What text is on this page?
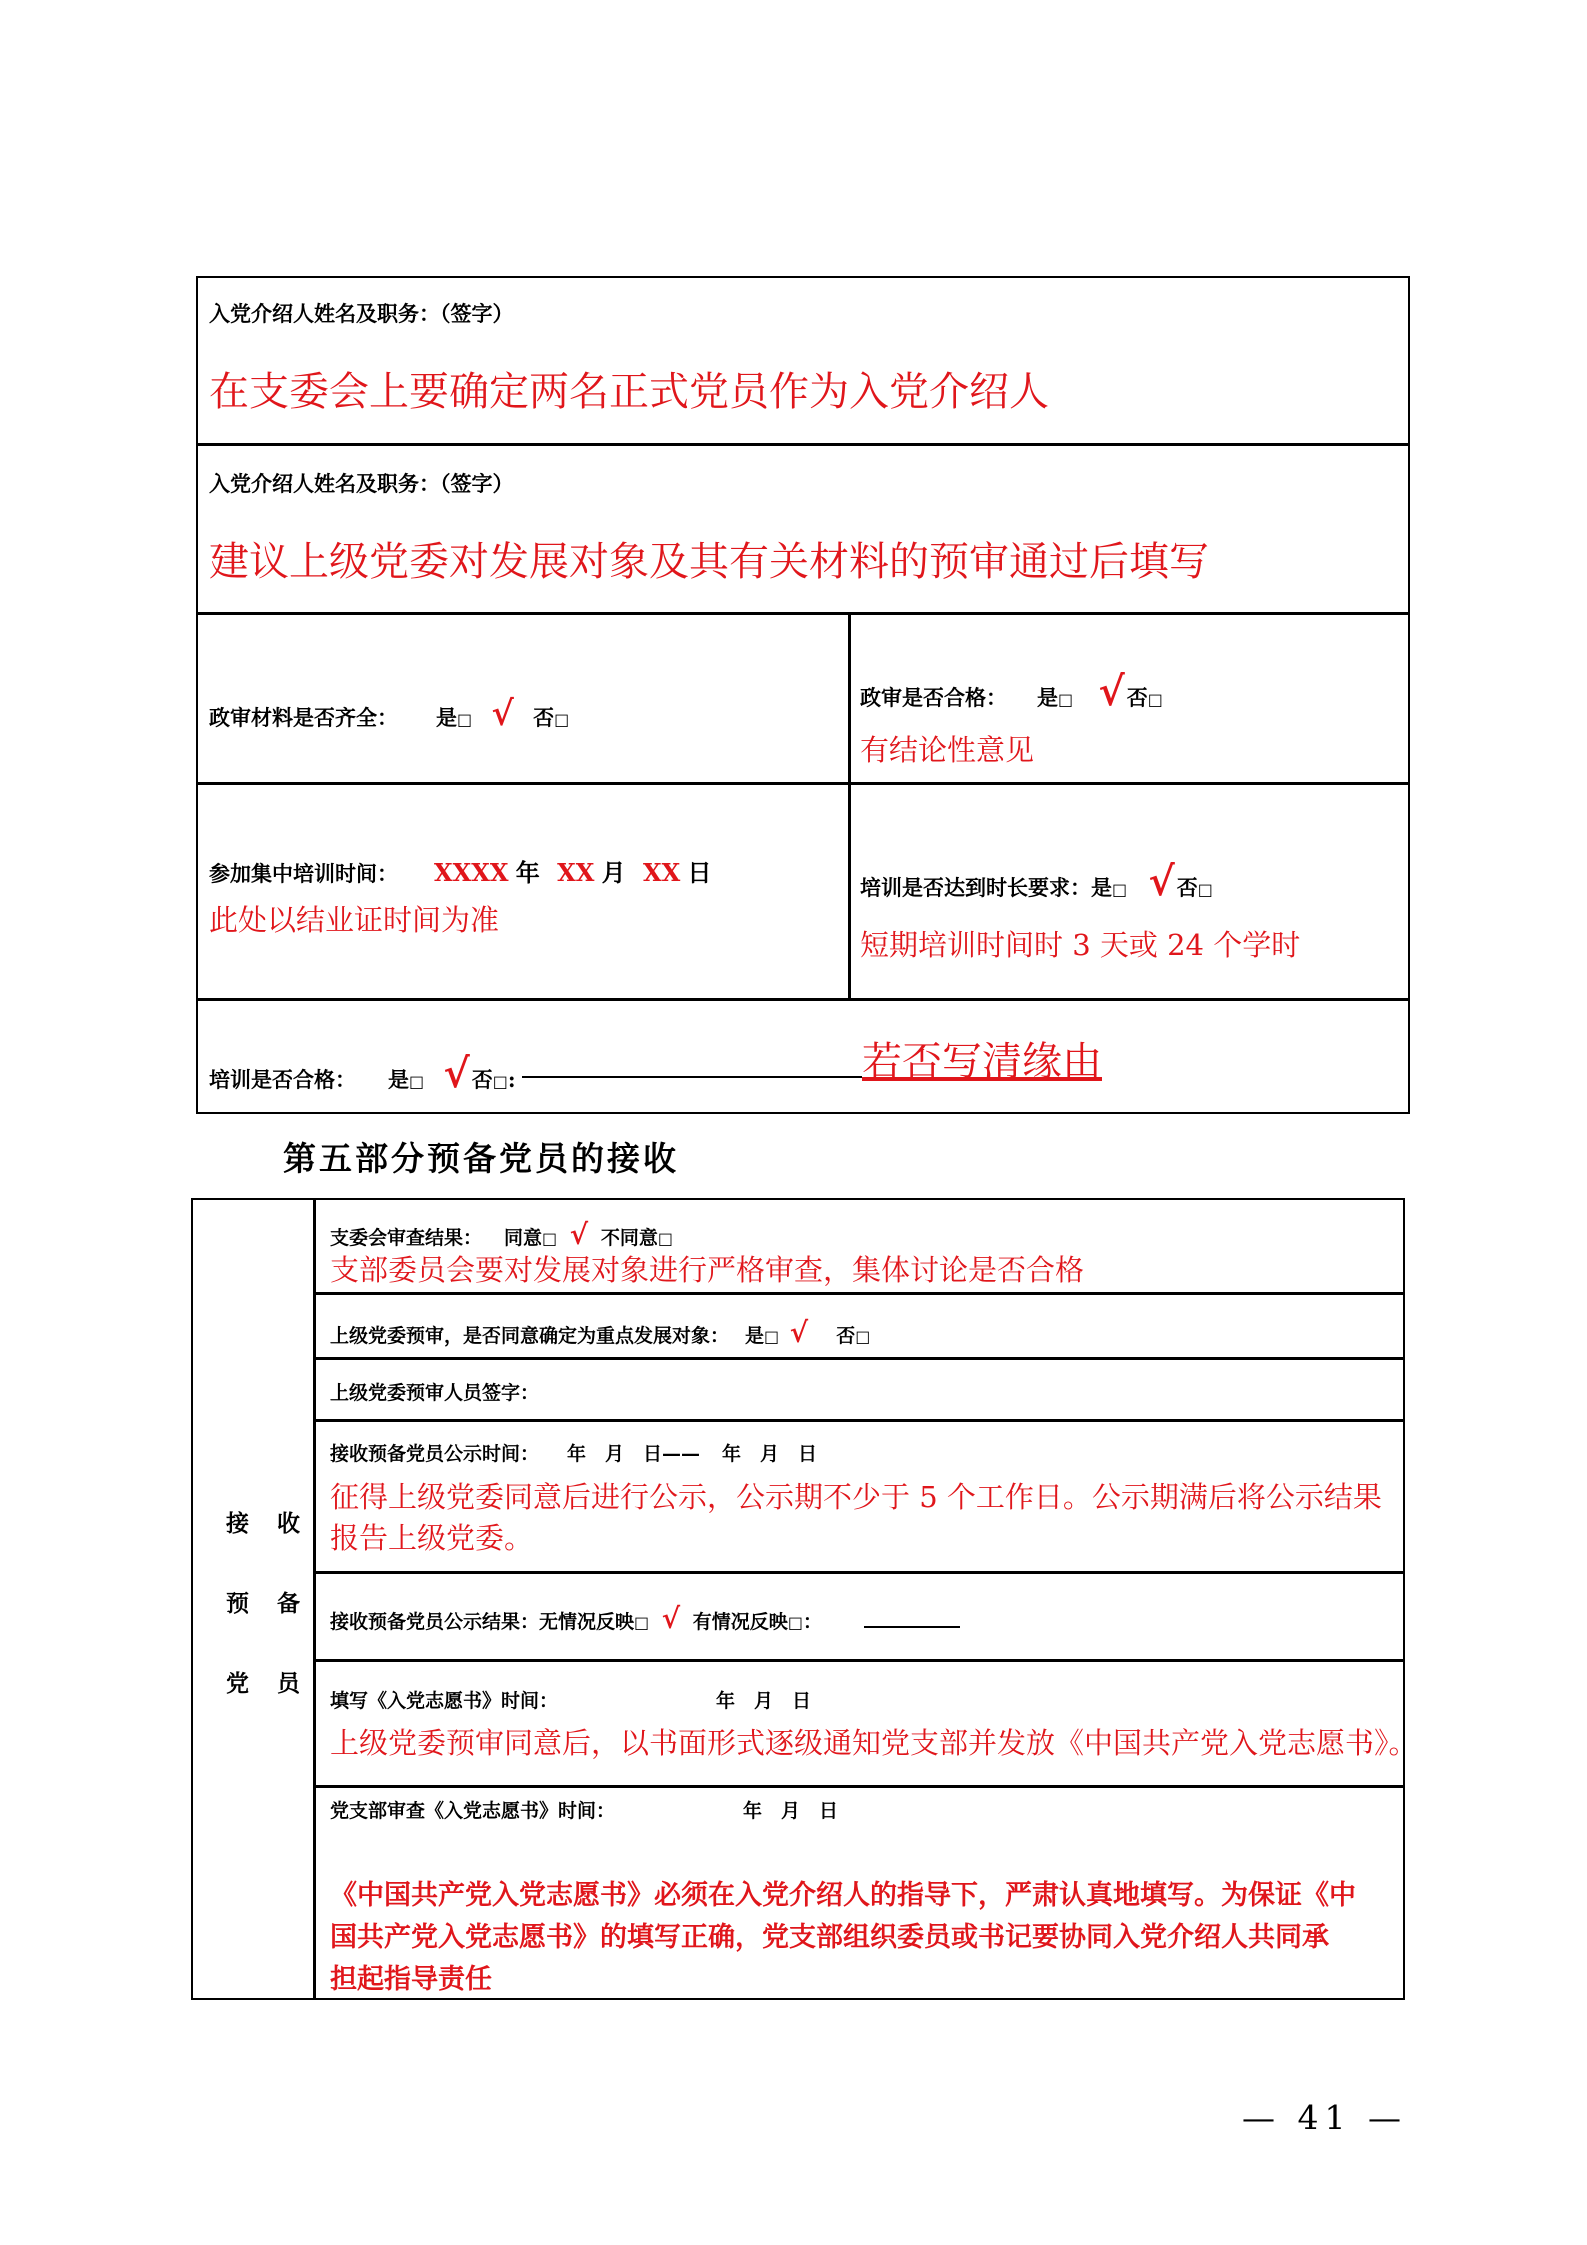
入党介绍人姓名及职务：（签字）
在支委会上要确定两名正式党员作为入党介绍人
入党介绍人姓名及职务：（签字）
建议上级党委对发展对象及其有关材料的预审通过后填写
政审材料是否齐全： 是□ √ 否□
政审是否合格： 是□ √否□
有结论性意见
参加集中培训时间： XXXX 年 XX 月 XX 日
此处以结业证时间为准
培训是否达到时长要求：是□ √否□
短期培训时间时 3 天或 24 个学时
培训是否合格： 是□ √否□:	若否写清缘由
第五部分预备党员的接收
接 收
预 备
党 员
支委会审查结果： 同意□ √ 不同意□
支部委员会要对发展对象进行严格审查，集体讨论是否合格
上级党委预审，是否同意确定为重点发展对象： 是□ √ 否□
上级党委预审人员签字：
接收预备党员公示时间： 年　月　日—— 年　月　日
征得上级党委同意后进行公示，公示期不少于 5 个工作日。公示期满后将公示结果
报告上级党委。
接收预备党员公示结果：无情况反映□ √ 有情况反映□：
填写《入党志愿书》时间：	年　月　日
上级党委预审同意后，以书面形式逐级通知党支部并发放《中国共产党入党志愿书》。
党支部审查《入党志愿书》时间：	年　月　日
《中国共产党入党志愿书》必须在入党介绍人的指导下，严肃认真地填写。为保证《中
国共产党入党志愿书》的填写正确，党支部组织委员或书记要协同入党介绍人共同承
担起指导责任
— 41 —
